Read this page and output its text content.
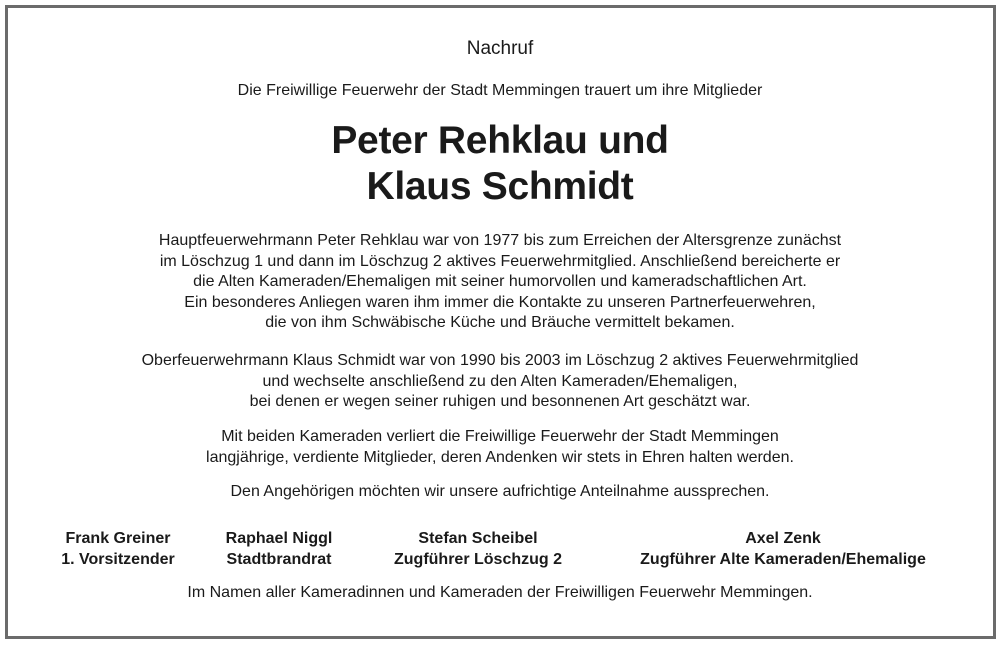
Nachruf
Die Freiwillige Feuerwehr der Stadt Memmingen trauert um ihre Mitglieder
Peter Rehklau und
Klaus Schmidt
Hauptfeuerwehrmann Peter Rehklau war von 1977 bis zum Erreichen der Altersgrenze zunächst
im Löschzug 1 und dann im Löschzug 2 aktives Feuerwehrmitglied. Anschließend bereicherte er
die Alten Kameraden/Ehemaligen mit seiner humorvollen und kameradschaftlichen Art.
Ein besonderes Anliegen waren ihm immer die Kontakte zu unseren Partnerfeuerwehren,
die von ihm Schwäbische Küche und Bräuche vermittelt bekamen.
Oberfeuerwehrmann Klaus Schmidt war von 1990 bis 2003 im Löschzug 2 aktives Feuerwehrmitglied
und wechselte anschließend zu den Alten Kameraden/Ehemaligen,
bei denen er wegen seiner ruhigen und besonnenen Art geschätzt war.
Mit beiden Kameraden verliert die Freiwillige Feuerwehr der Stadt Memmingen
langjährige, verdiente Mitglieder, deren Andenken wir stets in Ehren halten werden.
Den Angehörigen möchten wir unsere aufrichtige Anteilnahme aussprechen.
Frank Greiner
1. Vorsitzender
Raphael Niggl
Stadtbrandrat
Stefan Scheibel
Zugführer Löschzug 2
Axel Zenk
Zugführer Alte Kameraden/Ehemalige
Im Namen aller Kameradinnen und Kameraden der Freiwilligen Feuerwehr Memmingen.
